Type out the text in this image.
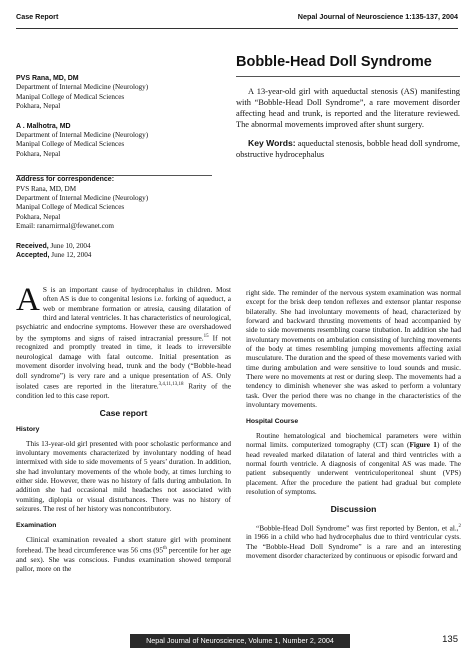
Case Report	Nepal Journal of Neuroscience 1:135-137, 2004
PVS Rana, MD, DM
Department of Internal Medicine (Neurology)
Manipal College of Medical Sciences
Pokhara, Nepal
A . Malhotra, MD
Department of Internal Medicine (Neurology)
Manipal College of Medical Sciences
Pokhara, Nepal
Address for correspondence:
PVS Rana, MD, DM
Department of Internal Medicine (Neurology)
Manipal College of Medical Sciences
Pokhara, Nepal
Email: ranarnirmal@fewanet.com
Received, June 10, 2004
Accepted, June 12, 2004
Bobble-Head Doll Syndrome

A 13-year-old girl with aqueductal stenosis (AS) manifesting with “Bobble-Head Doll Syndrome”, a rare movement disorder affecting head and trunk, is reported and the literature reviewed. The abnormal movements improved after shunt surgery.

Key Words: aqueductal stenosis, bobble head doll syndrome, obstructive hydrocephalus

A S is an important cause of hydrocephalus in children. Most often AS is due to congenital lesions i.e. forking of aqueduct, a web or membrane formation or atresia, causing dilatation of third and lateral ventricles. It has characteristics of neurological, psychiatric and endocrine symptoms. However these are overshadowed by the symptoms and signs of raised intracranial pressure.$^{15}$ If not recognized and promptly treated in time, it leads to irreversible neurological damage with fatal outcome. Initial presentation as movement disorder involving head, trunk and the body (“Bobble-head doll syndrome”) is very rare and a unique presentation of AS. Only isolated cases are reported in the literature.$^{3,4,11,13,18}$ Rarity of the condition led to this case report.

Case report
History

This 13-year-old girl presented with poor scholastic performance and involuntary movements characterized by involuntary nodding of head intermixed with side to side movements of 5 years’ duration. In addition, she had involuntary movements of the whole body, at times lurching to either side. However, there was no history of falls during ambulation. In addition she had occasional mild headaches not associated with vomiting, diplopia or visual disturbances. There was no history of seizures. The rest of her history was noncontributory.

Examination

Clinical examination revealed a short stature girl with prominent forehead. The head circumference was 56 cms (95th percentile for her age and sex). She was conscious. Fundus examination showed temporal pallor, more on the

right side. The reminder of the nervous system examination was normal except for the brisk deep tendon reflexes and extensor plantar response bilaterally. She had involuntary movements of head, characterized by forward and backward thrusting movements of head accompanied by side to side movements resembling coarse titubation. In addition she had involuntary movements on ambulation consisting of lurching movements of the body at times resembling jumping movements affecting axial musculature. The duration and the speed of these movements varied with time during ambulation and were sensitive to loud sounds and music. There were no movements at rest or during sleep. The movements had a tendency to diminish whenever she was asked to perform a voluntary task. Over the period there was no change in the characteristics of the involuntary movements.

Hospital Course

Routine hematological and biochemical parameters were within normal limits. computerized tomography (CT) scan (Figure 1) of the head revealed marked dilatation of lateral and third ventricles with a normal fourth ventricle. A diagnosis of congenital AS was made. The patient subsequently underwent ventriculoperitoneal shunt (VPS) placement. After the procedure the patient had gradual but complete resolution of symptoms.

Discussion

“Bobble-Head Doll Syndrome” was first reported by Benton, et al.,$^2$ in 1966 in a child who had hydrocephalus due to third ventricular cysts. The “Bobble-Head Doll Syndrome” is a rare and an interesting movement disorder characterized by continuous or episodic forward and

Nepal Journal of Neuroscience, Volume 1, Number 2, 2004	135
